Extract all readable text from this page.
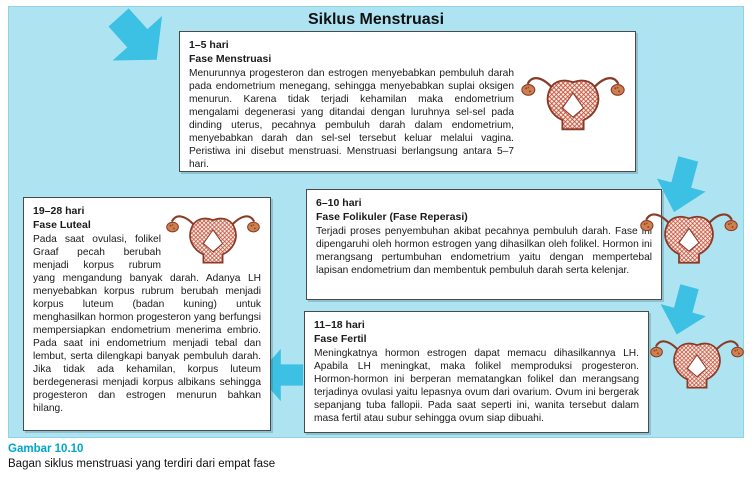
Siklus Menstruasi
1–5 hari
Fase Menstruasi

Menurunnya progesteron dan estrogen menyebabkan pembuluh darah pada endometrium menegang, sehingga menyebabkan suplai oksigen menurun. Karena tidak terjadi kehamilan maka endometrium mengalami degenerasi yang ditandai dengan luruhnya sel-sel pada dinding uterus, pecahnya pembuluh darah dalam endometrium, menyebabkan darah dan sel-sel tersebut keluar melalui vagina. Peristiwa ini disebut menstruasi. Menstruasi berlangsung antara 5–7 hari.

6–10 hari
Fase Folikuler (Fase Reperasi)

Terjadi proses penyembuhan akibat pecahnya pembuluh darah. Fase ini dipengaruhi oleh hormon estrogen yang dihasilkan oleh folikel. Hormon ini merangsang pertumbuhan endometrium yaitu dengan mempertebal lapisan endometrium dan membentuk pembuluh darah serta kelenjar.

11–18 hari
Fase Fertil

Meningkatnya hormon estrogen dapat memacu dihasilkannya LH. Apabila LH meningkat, maka folikel memproduksi progesteron. Hormon-hormon ini berperan mematangkan folikel dan merangsang terjadinya ovulasi yaitu lepasnya ovum dari ovarium. Ovum ini bergerak sepanjang tuba fallopii. Pada saat seperti ini, wanita tersebut dalam masa fertil atau subur sehingga ovum siap dibuahi.

19–28 hari
Fase Luteal

Pada saat ovulasi, folikel Graaf pecah berubah menjadi korpus rubrum yang mengandung banyak darah. Adanya LH menyebabkan korpus rubrum berubah menjadi korpus luteum (badan kuning) untuk menghasilkan hormon progesteron yang berfungsi mempersiapkan endometrium menerima embrio. Pada saat ini endometrium menjadi tebal dan lembut, serta dilengkapi banyak pembuluh darah. Jika tidak ada kehamilan, korpus luteum berdegenerasi menjadi korpus albikans sehingga progesteron dan estrogen menurun bahkan hilang.

Gambar 10.10
Bagan siklus menstruasi yang terdiri dari empat fase
